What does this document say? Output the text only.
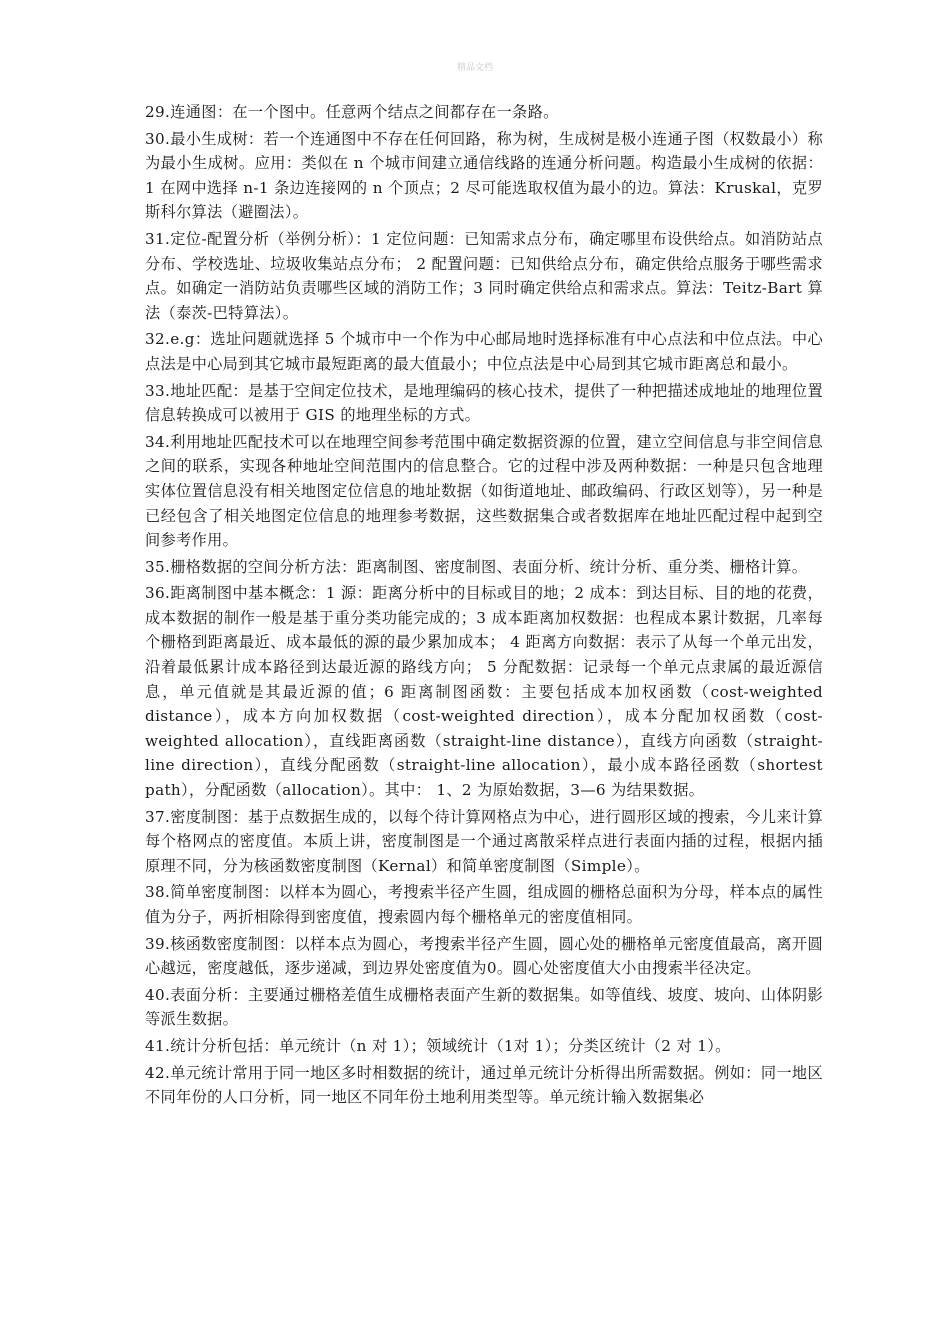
精品文档

29.连通图：在一个图中。任意两个结点之间都存在一条路。

30.最小生成树：若一个连通图中不存在任何回路，称为树，生成树是极小连通子图（权数最小）称为最小生成树。应用：类似在 n 个城市间建立通信线路的连通分析问题。构造最小生成树的依据：1 在网中选择 n-1 条边连接网的 n 个顶点；2 尽可能选取权值为最小的边。算法：Kruskal，克罗斯科尔算法（避圈法）。

31.定位-配置分析（举例分析）：1 定位问题：已知需求点分布，确定哪里布设供给点。如消防站点分布、学校选址、垃圾收集站点分布； 2 配置问题：已知供给点分布，确定供给点服务于哪些需求点。如确定一消防站负责哪些区域的消防工作；3 同时确定供给点和需求点。算法：Teitz-Bart 算法（泰茨-巴特算法）。

32.e.g：选址问题就选择 5 个城市中一个作为中心邮局地时选择标准有中心点法和中位点法。中心点法是中心局到其它城市最短距离的最大值最小；中位点法是中心局到其它城市距离总和最小。

33.地址匹配：是基于空间定位技术，是地理编码的核心技术，提供了一种把描述成地址的地理位置信息转换成可以被用于 GIS 的地理坐标的方式。

34.利用地址匹配技术可以在地理空间参考范围中确定数据资源的位置，建立空间信息与非空间信息之间的联系，实现各种地址空间范围内的信息整合。它的过程中涉及两种数据：一种是只包含地理实体位置信息没有相关地图定位信息的地址数据（如街道地址、邮政编码、行政区划等），另一种是已经包含了相关地图定位信息的地理参考数据，这些数据集合或者数据库在地址匹配过程中起到空间参考作用。

35.栅格数据的空间分析方法：距离制图、密度制图、表面分析、统计分析、重分类、栅格计算。

36.距离制图中基本概念：1 源：距离分析中的目标或目的地；2 成本：到达目标、目的地的花费，成本数据的制作一般是基于重分类功能完成的；3 成本距离加权数据：也程成本累计数据，几率每个栅格到距离最近、成本最低的源的最少累加成本； 4 距离方向数据：表示了从每一个单元出发，沿着最低累计成本路径到达最近源的路线方向； 5 分配数据：记录每一个单元点隶属的最近源信息，单元值就是其最近源的值；6 距离制图函数：主要包括成本加权函数（cost-weighted distance），成本方向加权数据（cost-weighted direction），成本分配加权函数（cost-weighted allocation），直线距离函数（straight-line distance），直线方向函数（straight-line direction），直线分配函数（straight-line allocation），最小成本路径函数（shortest path），分配函数（allocation）。其中： 1、2 为原始数据，3—6 为结果数据。

37.密度制图：基于点数据生成的，以每个待计算网格点为中心，进行圆形区域的搜索，今儿来计算每个格网点的密度值。本质上讲，密度制图是一个通过离散采样点进行表面内插的过程，根据内插原理不同，分为核函数密度制图（Kernal）和简单密度制图（Simple）。

38.简单密度制图：以样本为圆心，考搜索半径产生圆，组成圆的栅格总面积为分母，样本点的属性值为分子，两折相除得到密度值，搜索圆内每个栅格单元的密度值相同。

39.核函数密度制图：以样本点为圆心，考搜索半径产生圆，圆心处的栅格单元密度值最高，离开圆心越远，密度越低，逐步递减，到边界处密度值为0。圆心处密度值大小由搜索半径决定。

40.表面分析：主要通过栅格差值生成栅格表面产生新的数据集。如等值线、坡度、坡向、山体阴影等派生数据。

41.统计分析包括：单元统计（n 对 1）；领域统计（1对 1）；分类区统计（2 对 1）。

42.单元统计常用于同一地区多时相数据的统计，通过单元统计分析得出所需数据。例如：同一地区不同年份的人口分析，同一地区不同年份土地利用类型等。单元统计输入数据集必
